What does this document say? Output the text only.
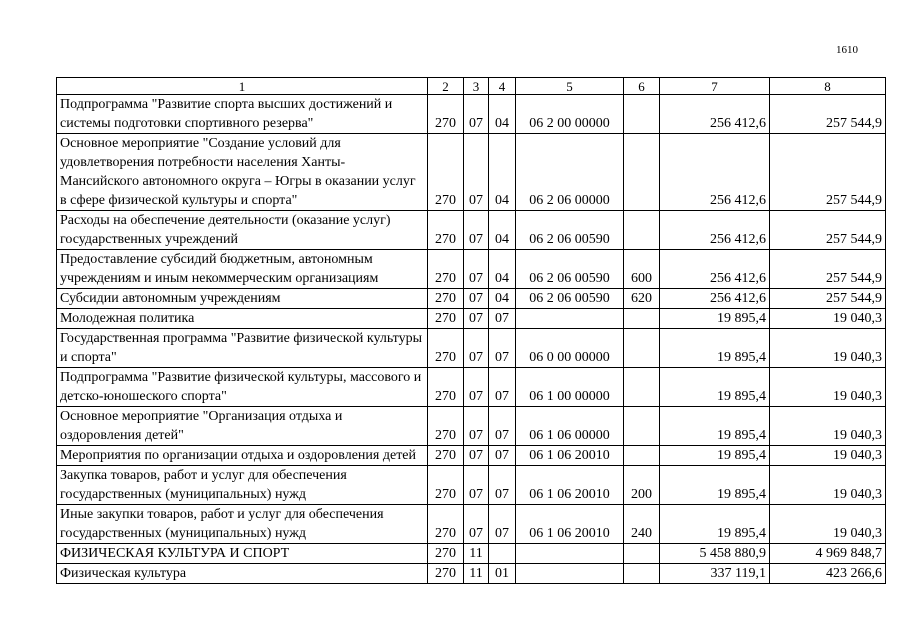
1610
1	2	3	4	5	6	7	8
Подпрограмма "Развитие спорта высших достижений и системы подготовки спортивного резерва"	270	07	04	06 2 00 00000		256 412,6	257 544,9
Основное мероприятие "Создание условий для удовлетворения потребности населения Ханты-Мансийского автономного округа – Югры в оказании услуг в сфере физической культуры и спорта"	270	07	04	06 2 06 00000		256 412,6	257 544,9
Расходы на обеспечение деятельности (оказание услуг) государственных учреждений	270	07	04	06 2 06 00590		256 412,6	257 544,9
Предоставление субсидий бюджетным, автономным учреждениям и иным некоммерческим организациям	270	07	04	06 2 06 00590	600	256 412,6	257 544,9
Субсидии автономным учреждениям	270	07	04	06 2 06 00590	620	256 412,6	257 544,9
Молодежная политика	270	07	07			19 895,4	19 040,3
Государственная программа "Развитие физической культуры и спорта"	270	07	07	06 0 00 00000		19 895,4	19 040,3
Подпрограмма "Развитие физической культуры, массового и детско-юношеского спорта"	270	07	07	06 1 00 00000		19 895,4	19 040,3
Основное мероприятие "Организация отдыха и оздоровления детей"	270	07	07	06 1 06 00000		19 895,4	19 040,3
Мероприятия по организации отдыха и оздоровления детей	270	07	07	06 1 06 20010		19 895,4	19 040,3
Закупка товаров, работ и услуг для обеспечения государственных (муниципальных) нужд	270	07	07	06 1 06 20010	200	19 895,4	19 040,3
Иные закупки товаров, работ и услуг для обеспечения государственных (муниципальных) нужд	270	07	07	06 1 06 20010	240	19 895,4	19 040,3
ФИЗИЧЕСКАЯ КУЛЬТУРА И СПОРТ	270	11				5 458 880,9	4 969 848,7
Физическая культура	270	11	01			337 119,1	423 266,6
